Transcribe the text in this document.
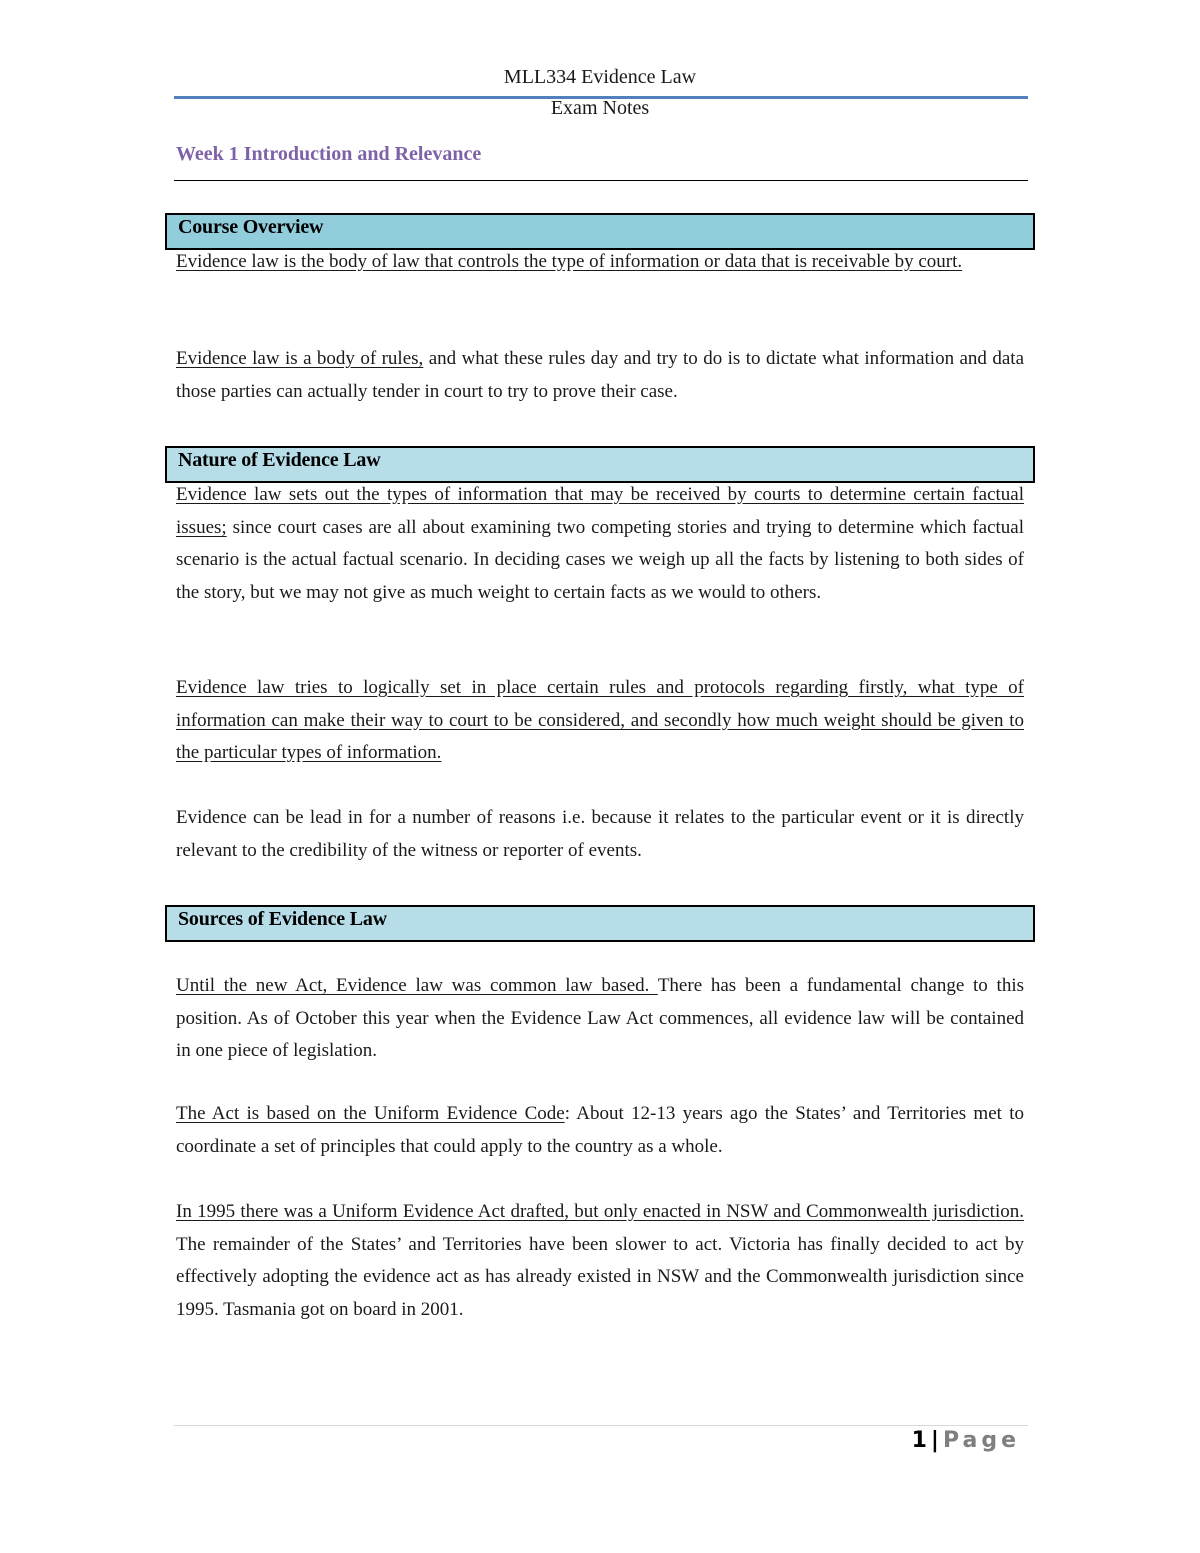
MLL334 Evidence Law
Exam Notes
Week 1 Introduction and Relevance
Course Overview

Evidence law is the body of law that controls the type of information or data that is receivable by court.

Evidence law is a body of rules, and what these rules day and try to do is to dictate what information and data those parties can actually tender in court to try to prove their case.

Nature of Evidence Law

Evidence law sets out the types of information that may be received by courts to determine certain factual issues; since court cases are all about examining two competing stories and trying to determine which factual scenario is the actual factual scenario. In deciding cases we weigh up all the facts by listening to both sides of the story, but we may not give as much weight to certain facts as we would to others.

Evidence law tries to logically set in place certain rules and protocols regarding firstly, what type of information can make their way to court to be considered, and secondly how much weight should be given to the particular types of information.

Evidence can be lead in for a number of reasons i.e. because it relates to the particular event or it is directly relevant to the credibility of the witness or reporter of events.

Sources of Evidence Law

Until the new Act, Evidence law was common law based. There has been a fundamental change to this position. As of October this year when the Evidence Law Act commences, all evidence law will be contained in one piece of legislation.

The Act is based on the Uniform Evidence Code: About 12-13 years ago the States’ and Territories met to coordinate a set of principles that could apply to the country as a whole.

In 1995 there was a Uniform Evidence Act drafted, but only enacted in NSW and Commonwealth jurisdiction. The remainder of the States’ and Territories have been slower to act. Victoria has finally decided to act by effectively adopting the evidence act as has already existed in NSW and the Commonwealth jurisdiction since 1995. Tasmania got on board in 2001.

1 | Page
